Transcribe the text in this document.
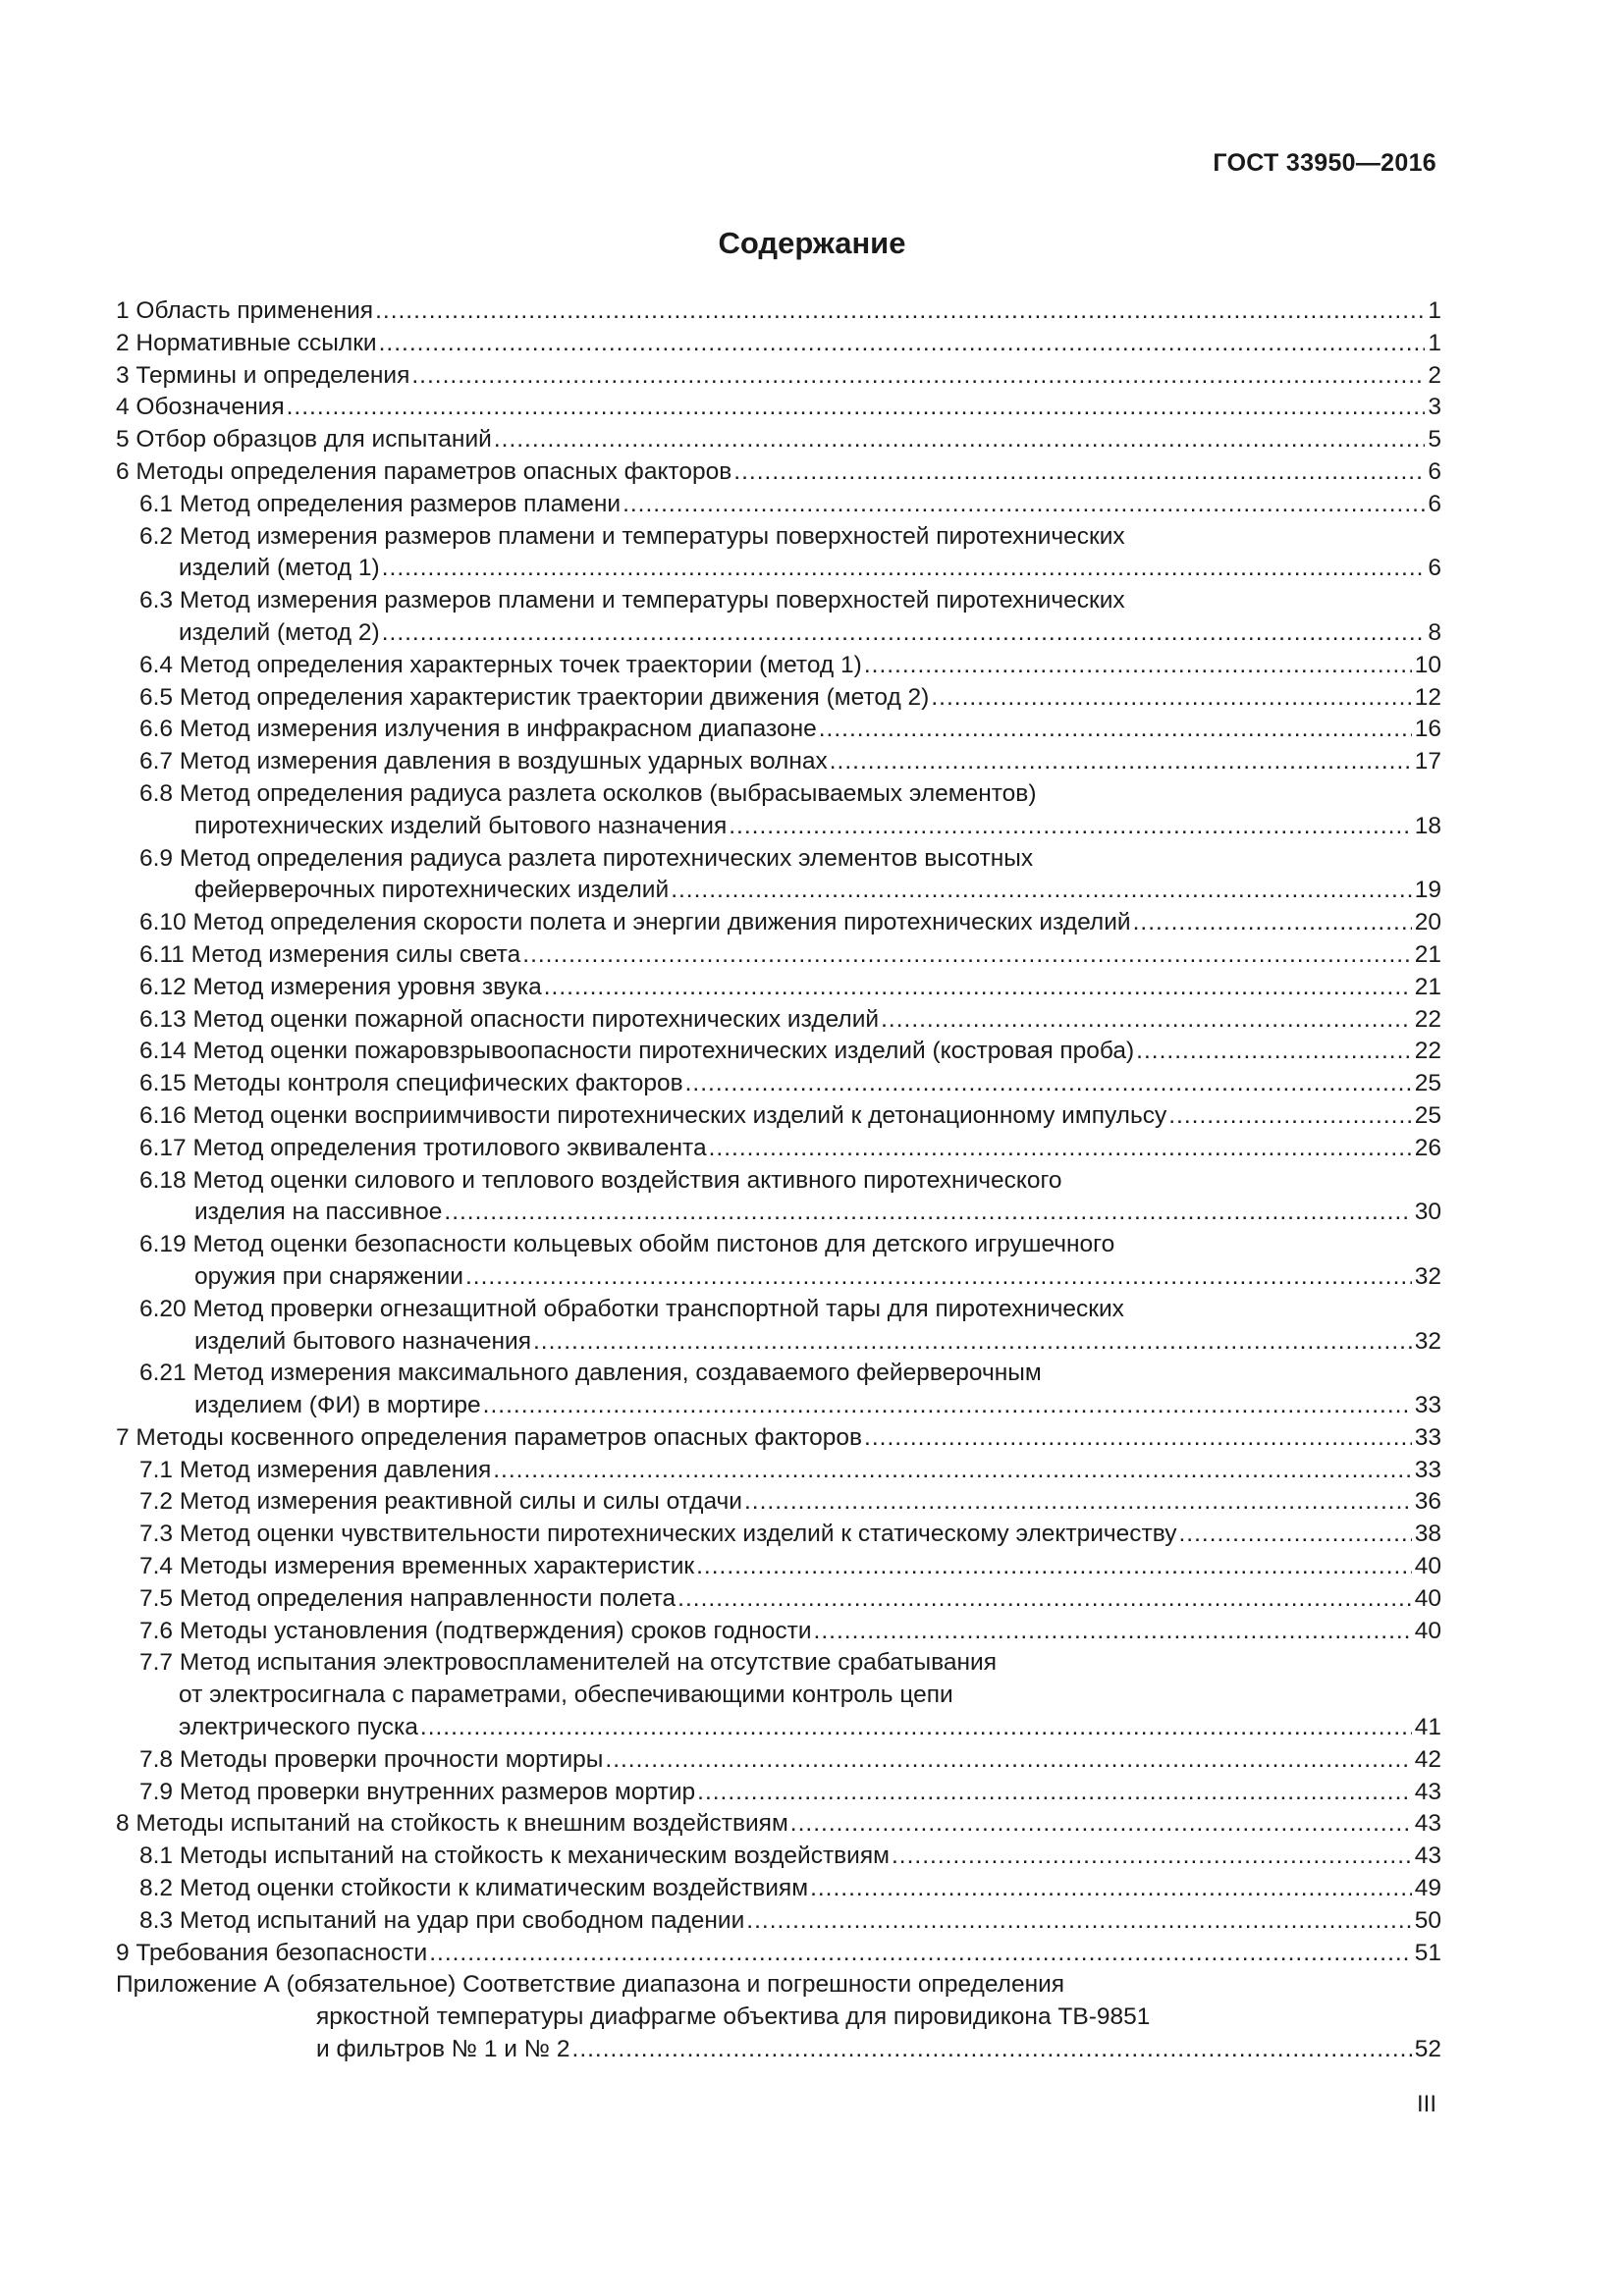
ГОСТ 33950—2016
Содержание
1 Область применения .....	1
2 Нормативные ссылки .....	1
3 Термины и определения .....	2
4 Обозначения .....	3
5 Отбор образцов для испытаний .....	5
6 Методы определения параметров опасных факторов .....	6
6.1 Метод определения размеров пламени .....	6
6.2 Метод измерения размеров пламени и температуры поверхностей пиротехнических
изделий (метод 1) .....	6
6.3 Метод измерения размеров пламени и температуры поверхностей пиротехнических
изделий (метод 2) .....	8
6.4 Метод определения характерных точек траектории (метод 1) .....	10
6.5 Метод определения характеристик траектории движения (метод 2) .....	12
6.6 Метод измерения излучения в инфракрасном диапазоне .....	16
6.7 Метод измерения давления в воздушных ударных волнах .....	17
6.8 Метод определения радиуса разлета осколков (выбрасываемых элементов)
пиротехнических изделий бытового назначения .....	18
6.9 Метод определения радиуса разлета пиротехнических элементов высотных
фейерверочных пиротехнических изделий .....	19
6.10 Метод определения скорости полета и энергии движения пиротехнических изделий .....	20
6.11 Метод измерения силы света .....	21
6.12 Метод измерения уровня звука .....	21
6.13 Метод оценки пожарной опасности пиротехнических изделий .....	22
6.14 Метод оценки пожаровзрывоопасности пиротехнических изделий (костровая проба) .....	22
6.15 Методы контроля специфических факторов .....	25
6.16 Метод оценки восприимчивости пиротехнических изделий к детонационному импульсу .....	25
6.17 Метод определения тротилового эквивалента .....	26
6.18 Метод оценки силового и теплового воздействия активного пиротехнического
изделия на пассивное .....	30
6.19 Метод оценки безопасности кольцевых обойм пистонов для детского игрушечного
оружия при снаряжении .....	32
6.20 Метод проверки огнезащитной обработки транспортной тары для пиротехнических
изделий бытового назначения .....	32
6.21 Метод измерения максимального давления, создаваемого фейерверочным
изделием (ФИ) в мортире .....	33
7 Методы косвенного определения параметров опасных факторов .....	33
7.1 Метод измерения давления .....	33
7.2 Метод измерения реактивной силы и силы отдачи .....	36
7.3 Метод оценки чувствительности пиротехнических изделий к статическому электричеству .....	38
7.4 Методы измерения временных характеристик .....	40
7.5 Метод определения направленности полета .....	40
7.6 Методы установления (подтверждения) сроков годности .....	40
7.7 Метод испытания электровоспламенителей на отсутствие срабатывания
от электросигнала с параметрами, обеспечивающими контроль цепи
электрического пуска .....	41
7.8 Методы проверки прочности мортиры .....	42
7.9 Метод проверки внутренних размеров мортир .....	43
8 Методы испытаний на стойкость к внешним воздействиям .....	43
8.1 Методы испытаний на стойкость к механическим воздействиям .....	43
8.2 Метод оценки стойкости к климатическим воздействиям .....	49
8.3 Метод испытаний на удар при свободном падении .....	50
9 Требования безопасности .....	51
Приложение А (обязательное) Соответствие диапазона и погрешности определения
яркостной температуры диафрагме объектива для пировидикона ТВ-9851
и фильтров № 1 и № 2 .....	52
III
